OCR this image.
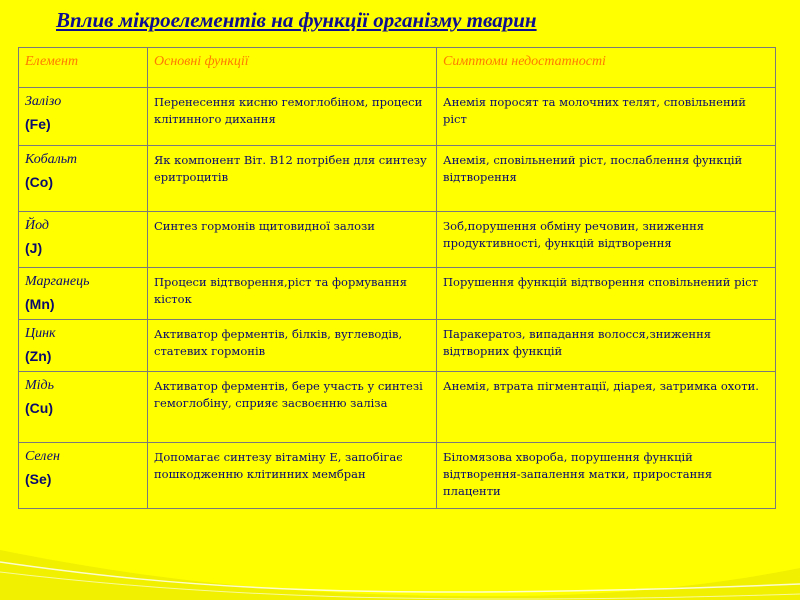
Вплив мікроелементів на функції організму тварин
Елемент	Основні функції	Симптоми недостатності
Залізо
(Fe)	Перенесення кисню гемоглобіном, процеси клітинного дихання	Анемія поросят та молочних телят, сповільнений ріст
Кобальт
(Co)	Як компонент Віт. В12 потрібен для синтезу еритроцитів	Анемія, сповільнений ріст, послаблення функцій відтворення
Йод
(J)	Синтез гормонів щитовидної залози	Зоб,порушення обміну речовин, зниження продуктивності, функцій відтворення
Марганець
(Mn)	Процеси відтворення,ріст та формування кісток	Порушення функцій відтворення сповільнений ріст
Цинк
(Zn)	Активатор ферментів, білків, вуглеводів, статевих гормонів	Паракератоз, випадання волосся,зниження відтворних функцій
Мідь
(Cu)	Активатор ферментів, бере участь у синтезі гемоглобіну, сприяє засвоєнню заліза	Анемія, втрата пігментації, діарея, затримка охоти.
Селен
(Se)	Допомагає синтезу вітаміну Е, запобігає пошкодженню клітинних мембран	Біломязова хвороба, порушення функцій відтворення-запалення матки, приростання плаценти
